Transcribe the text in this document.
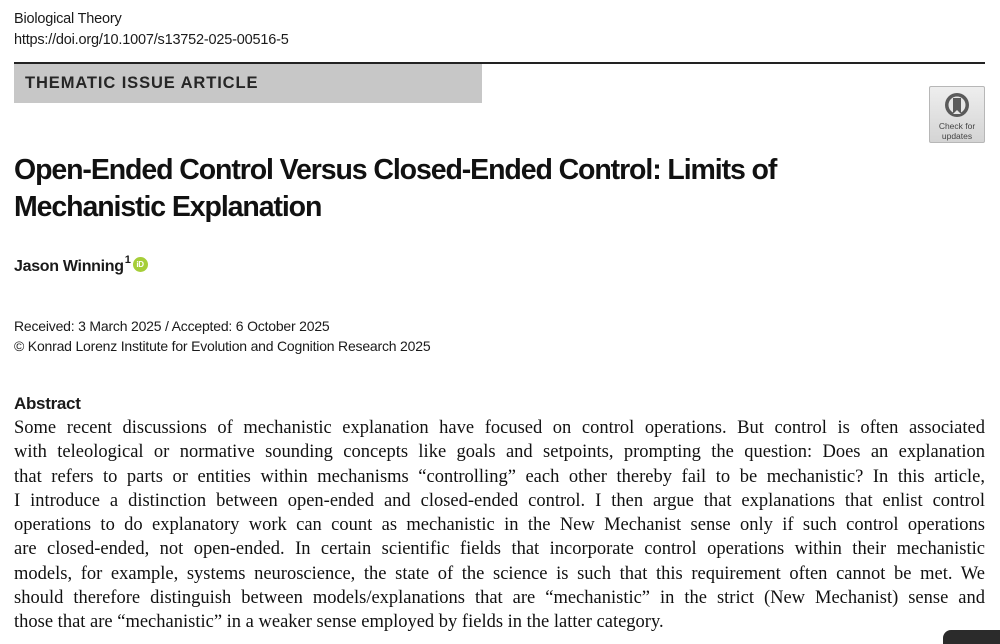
Biological Theory
https://doi.org/10.1007/s13752-025-00516-5
THEMATIC ISSUE ARTICLE
Check for
updates
Open-Ended Control Versus Closed-Ended Control: Limits of
Mechanistic Explanation
Jason Winning$^1$ iD
Received: 3 March 2025 / Accepted: 6 October 2025
© Konrad Lorenz Institute for Evolution and Cognition Research 2025
Abstract
Some recent discussions of mechanistic explanation have focused on control operations. But control is often associated
with teleological or normative sounding concepts like goals and setpoints, prompting the question: Does an explanation
that refers to parts or entities within mechanisms “controlling” each other thereby fail to be mechanistic? In this article,
I introduce a distinction between open-ended and closed-ended control. I then argue that explanations that enlist control
operations to do explanatory work can count as mechanistic in the New Mechanist sense only if such control operations
are closed-ended, not open-ended. In certain scientific fields that incorporate control operations within their mechanistic
models, for example, systems neuroscience, the state of the science is such that this requirement often cannot be met. We
should therefore distinguish between models/explanations that are “mechanistic” in the strict (New Mechanist) sense and
those that are “mechanistic” in a weaker sense employed by fields in the latter category.
